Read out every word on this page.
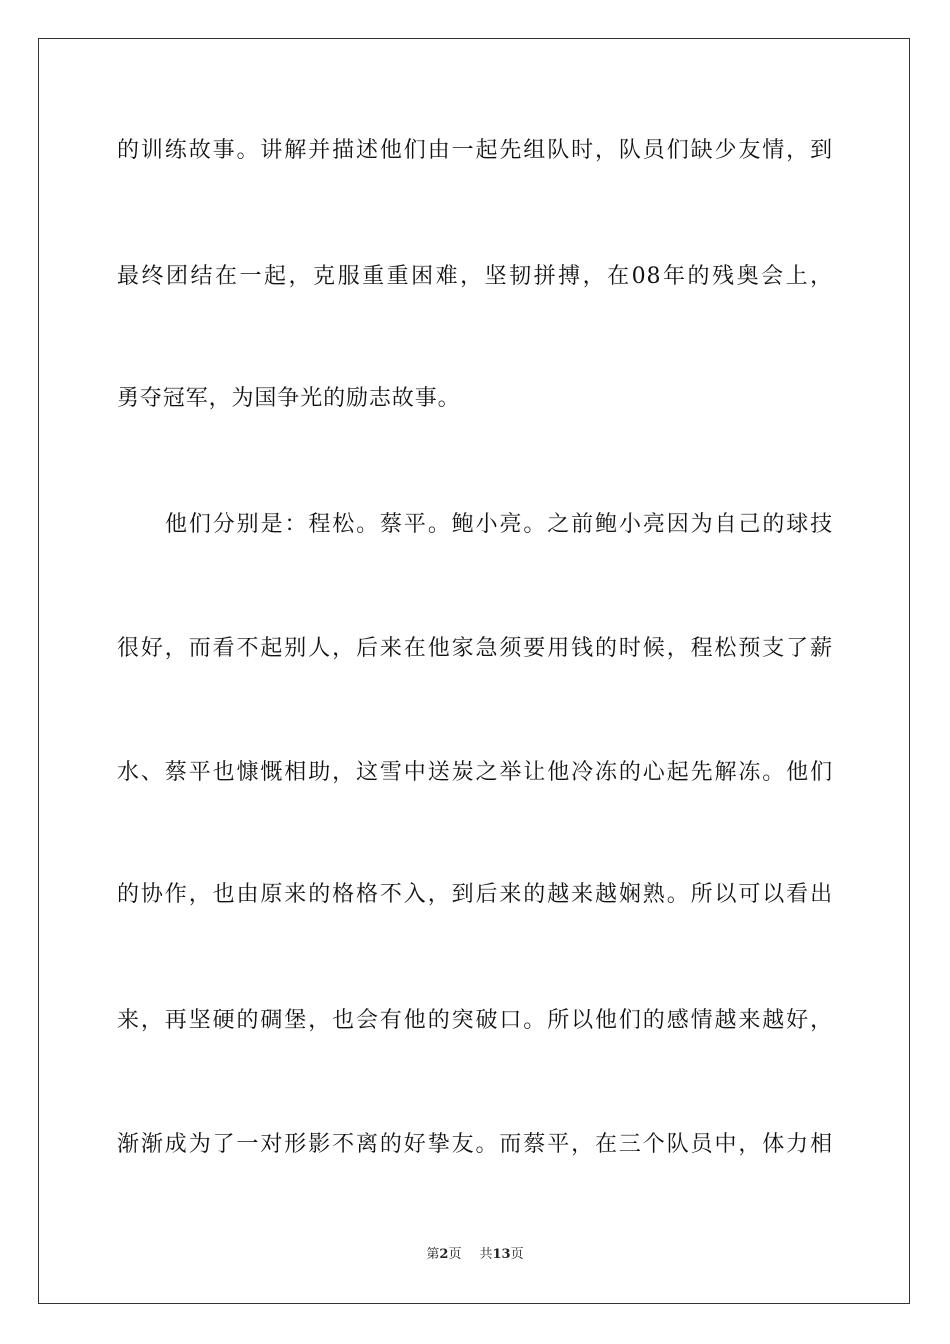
的训练故事。讲解并描述他们由一起先组队时，队员们缺少友情，到
最终团结在一起，克服重重困难，坚韧拼搏，在08年的残奥会上，
勇夺冠军，为国争光的励志故事。
他们分别是：程松。蔡平。鲍小亮。之前鲍小亮因为自己的球技
很好，而看不起别人，后来在他家急须要用钱的时候，程松预支了薪
水、蔡平也慷慨相助，这雪中送炭之举让他冷冻的心起先解冻。他们
的协作，也由原来的格格不入，到后来的越来越娴熟。所以可以看出
来，再坚硬的碉堡，也会有他的突破口。所以他们的感情越来越好，
渐渐成为了一对形影不离的好挚友。而蔡平，在三个队员中，体力相
第2页 共13页
